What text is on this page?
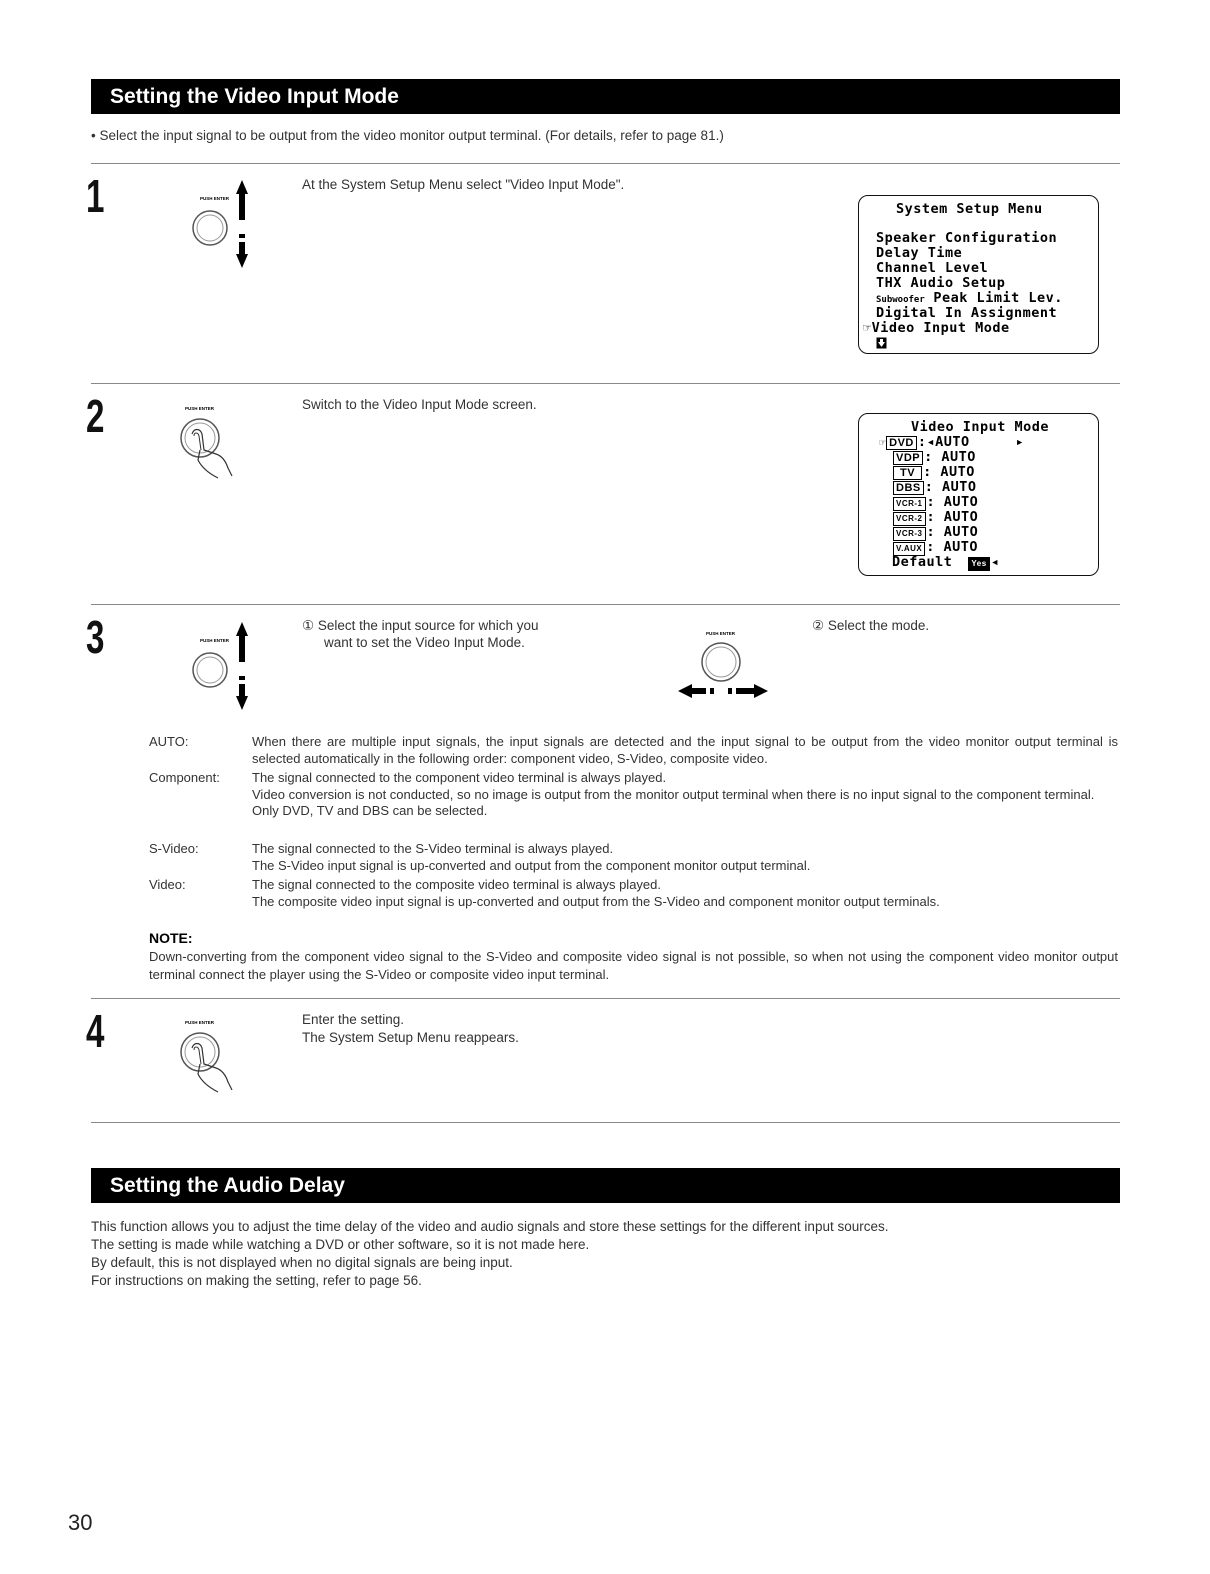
Setting the Video Input Mode
• Select the input signal to be output from the video monitor output terminal. (For details, refer to page 81.)
1	PUSH ENTER
At the System Setup Menu select "Video Input Mode".
System Setup Menu
Speaker Configuration
Delay Time
Channel Level
THX Audio Setup
Subwoofer Peak Limit Lev.
Digital In Assignment
☞Video Input Mode
2	PUSH ENTER	Switch to the Video Input Mode screen.
Video Input Mode
☞ DVD :◂AUTO	▸
VDP : AUTO
TV : AUTO
DBS : AUTO
VCR-1 : AUTO
VCR-2 : AUTO
VCR-3 : AUTO
V.AUX : AUTO
Default Yes ◂
3	PUSH ENTER
① Select the input source for which you
want to set the Video Input Mode.
PUSH ENTER
② Select the mode.
AUTO:	When there are multiple input signals, the input signals are detected and the input signal to be output from the video monitor output terminal is selected automatically in the following order: component video, S-Video, composite video.

Component:	The signal connected to the component video terminal is always played.

Video conversion is not conducted, so no image is output from the monitor output terminal when there is no input signal to the component terminal.

Only DVD, TV and DBS can be selected.

S-Video:	The signal connected to the S-Video terminal is always played.

The S-Video input signal is up-converted and output from the component monitor output terminal.

Video:	The signal connected to the composite video terminal is always played.

The composite video input signal is up-converted and output from the S-Video and component monitor output terminals.

NOTE:
Down-converting from the component video signal to the S-Video and composite video signal is not possible, so when not using the component video monitor output terminal connect the player using the S-Video or composite video input terminal.
4	PUSH ENTER	Enter the setting.
The System Setup Menu reappears.
Setting the Audio Delay
This function allows you to adjust the time delay of the video and audio signals and store these settings for the different input sources.
The setting is made while watching a DVD or other software, so it is not made here.
By default, this is not displayed when no digital signals are being input.
For instructions on making the setting, refer to page 56.
30
